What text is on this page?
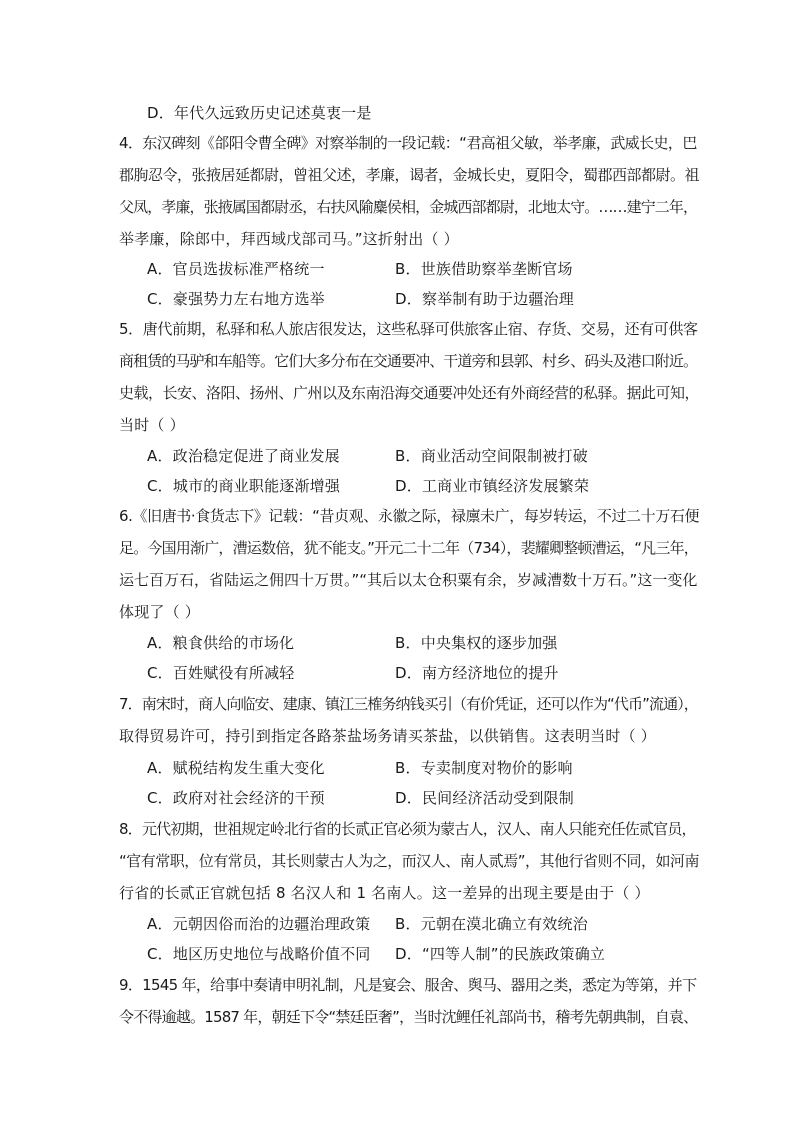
D．年代久远致历史记述莫衷一是
4．东汉碑刻《郃阳令曹全碑》对察举制的一段记载：“君高祖父敏，举孝廉，武威长史，巴
郡朐忍令，张掖居延都尉，曾祖父述，孝廉，谒者，金城长史，夏阳令，蜀郡西部都尉。祖
父凤，孝廉，张掖属国都尉丞，右扶风隃麋侯相，金城西部都尉，北地太守。……建宁二年，
举孝廉，除郎中，拜西域戊部司马。”这折射出（ ）
A．官员选拔标准严格统一	B．世族借助察举垄断官场
C．豪强势力左右地方选举	D．察举制有助于边疆治理
5．唐代前期，私驿和私人旅店很发达，这些私驿可供旅客止宿、存货、交易，还有可供客
商租赁的马驴和车船等。它们大多分布在交通要冲、干道旁和县郭、村乡、码头及港口附近。
史载，长安、洛阳、扬州、广州以及东南沿海交通要冲处还有外商经营的私驿。据此可知，
当时（ ）
A．政治稳定促进了商业发展	B．商业活动空间限制被打破
C．城市的商业职能逐渐增强	D．工商业市镇经济发展繁荣
6.《旧唐书·食货志下》记载：“昔贞观、永徽之际，禄廪未广，每岁转运，不过二十万石便
足。今国用渐广，漕运数倍，犹不能支。”开元二十二年（734），裴耀卿整顿漕运，“凡三年，
运七百万石，省陆运之佣四十万贯。”“其后以太仓积粟有余，岁减漕数十万石。”这一变化
体现了（ ）
A．粮食供给的市场化	B．中央集权的逐步加强
C．百姓赋役有所减轻	D．南方经济地位的提升
7．南宋时，商人向临安、建康、镇江三榷务纳钱买引（有价凭证，还可以作为“代币”流通），
取得贸易许可，持引到指定各路茶盐场务请买茶盐，以供销售。这表明当时（ ）
A．赋税结构发生重大变化	B．专卖制度对物价的影响
C．政府对社会经济的干预	D．民间经济活动受到限制
8．元代初期，世祖规定岭北行省的长贰正官必须为蒙古人，汉人、南人只能充任佐贰官员，
“官有常职，位有常员，其长则蒙古人为之，而汉人、南人贰焉”，其他行省则不同，如河南
行省的长贰正官就包括 8 名汉人和 1 名南人。这一差异的出现主要是由于（ ）
A．元朝因俗而治的边疆治理政策 B．元朝在漠北确立有效统治
C．地区历史地位与战略价值不同 D．“四等人制”的民族政策确立
9．1545 年，给事中奏请申明礼制，凡是宴会、服舍、舆马、器用之类，悉定为等第，并下
令不得逾越。1587 年，朝廷下令“禁廷臣奢”，当时沈鲤任礼部尚书，稽考先朝典制，自袁、
